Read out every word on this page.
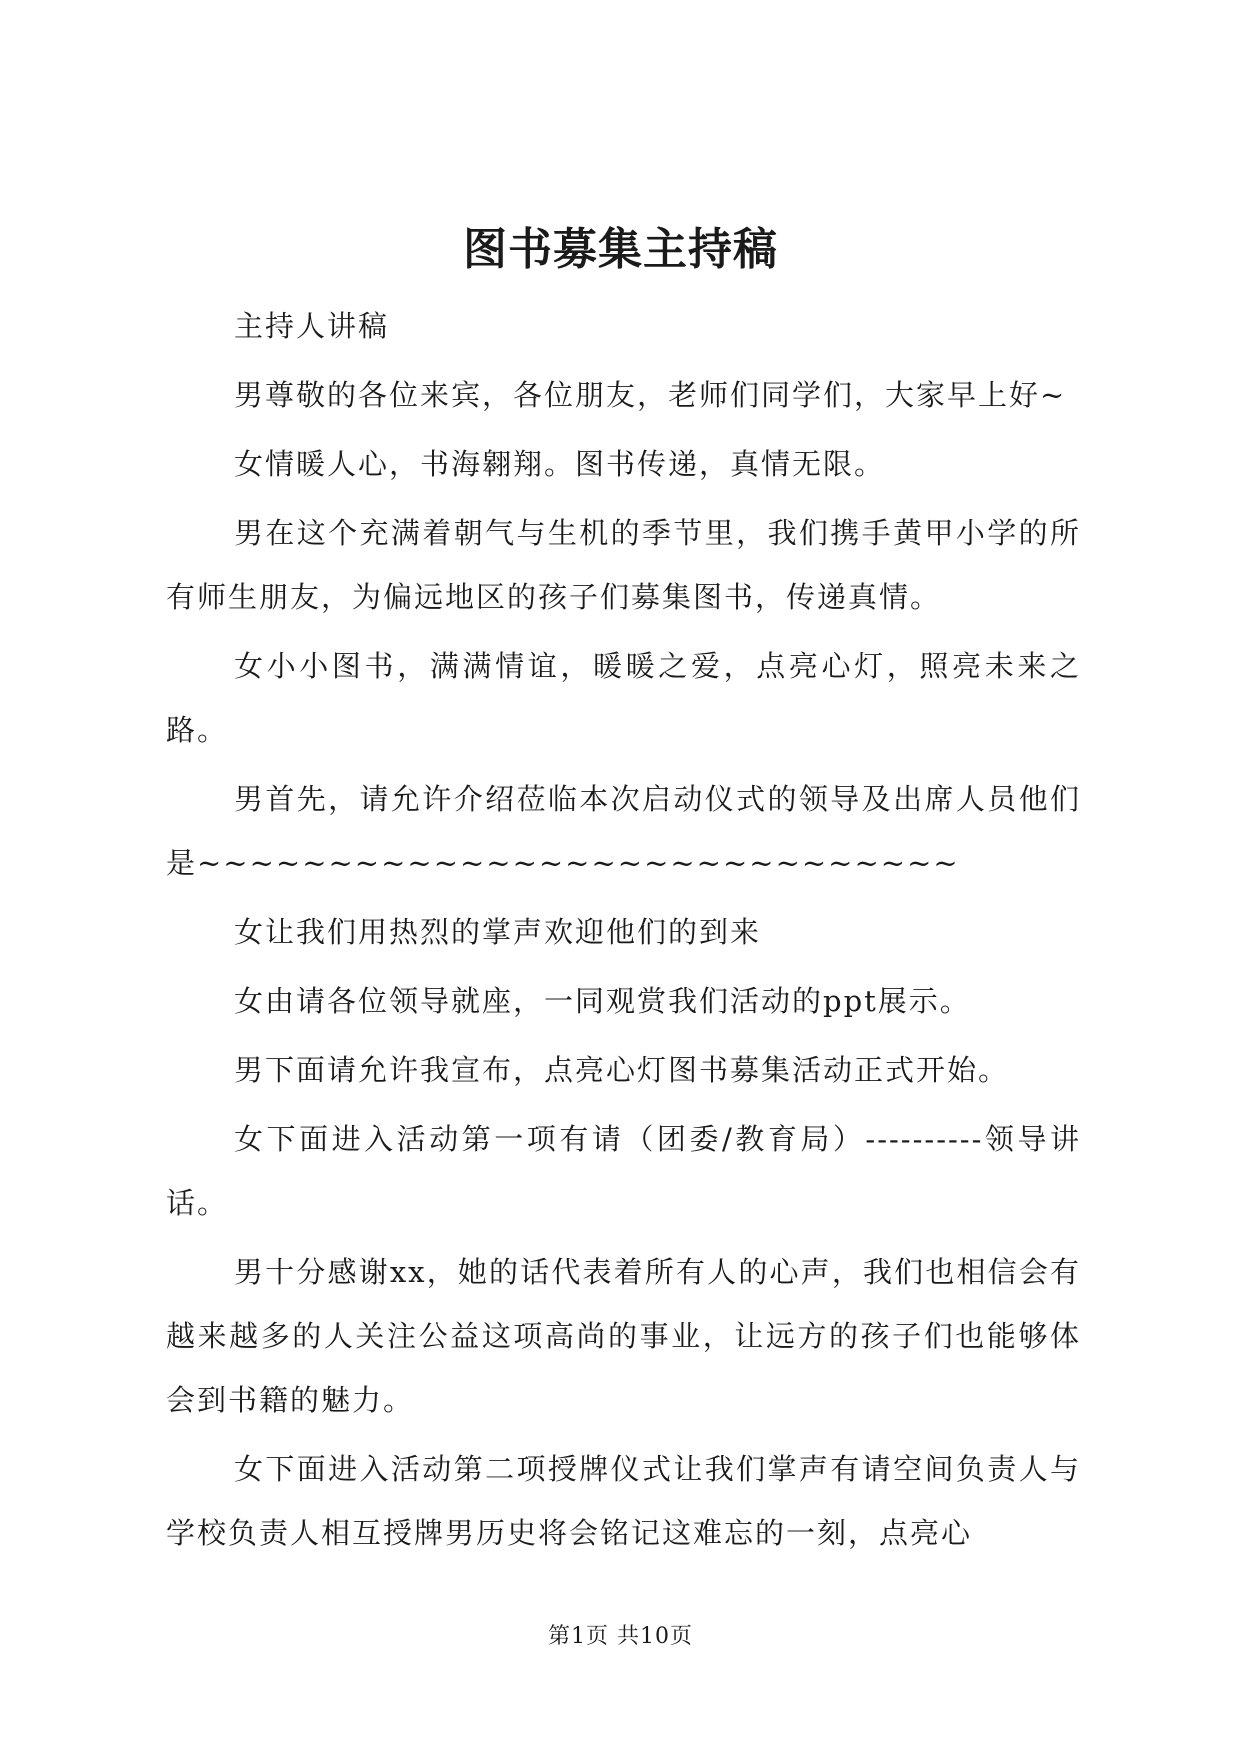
图书募集主持稿

主持人讲稿

男尊敬的各位来宾，各位朋友，老师们同学们，大家早上好~

女情暖人心，书海翱翔。图书传递，真情无限。

男在这个充满着朝气与生机的季节里，我们携手黄甲小学的所有师生朋友，为偏远地区的孩子们募集图书，传递真情。

女小小图书，满满情谊，暖暖之爱，点亮心灯，照亮未来之路。

男首先，请允许介绍莅临本次启动仪式的领导及出席人员他们是~~~~~~~~~~~~~~~~~~~~~~~~~~~~~

女让我们用热烈的掌声欢迎他们的到来

女由请各位领导就座，一同观赏我们活动的ppt展示。

男下面请允许我宣布，点亮心灯图书募集活动正式开始。

女下面进入活动第一项有请（团委/教育局）----------领导讲话。

男十分感谢xx，她的话代表着所有人的心声，我们也相信会有越来越多的人关注公益这项高尚的事业，让远方的孩子们也能够体会到书籍的魅力。

女下面进入活动第二项授牌仪式让我们掌声有请空间负责人与学校负责人相互授牌男历史将会铭记这难忘的一刻，点亮心

第1页 共10页
